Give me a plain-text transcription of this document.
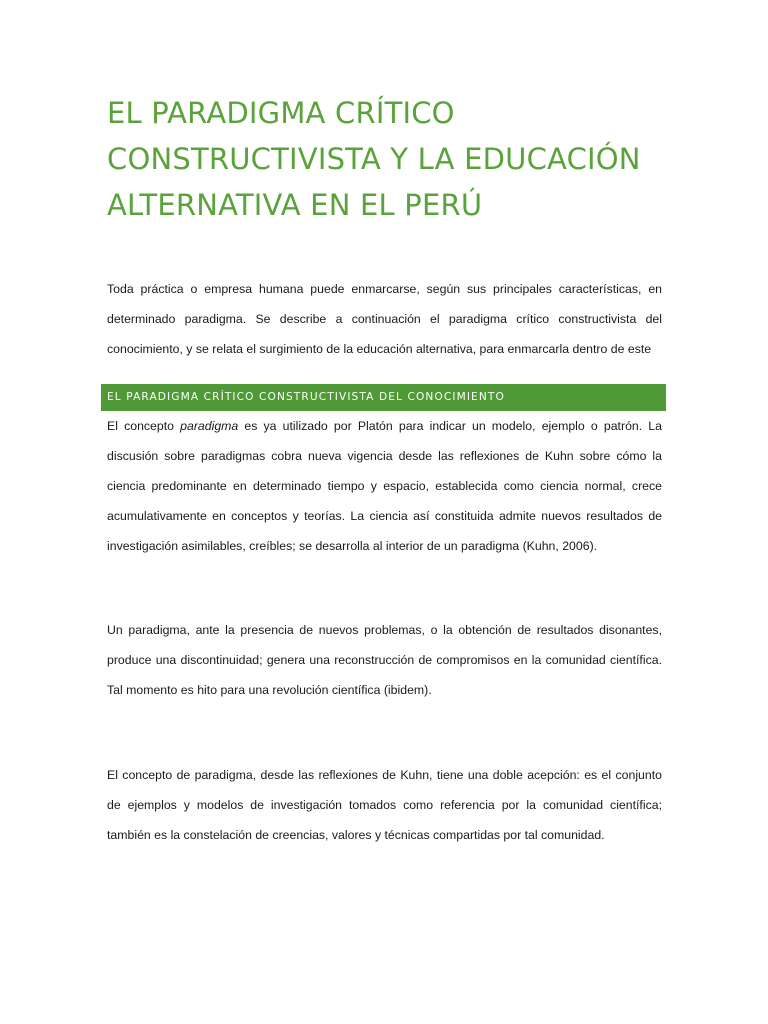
EL PARADIGMA CRÍTICO
CONSTRUCTIVISTA Y LA EDUCACIÓN
ALTERNATIVA EN EL PERÚ

Toda práctica o empresa humana puede enmarcarse, según sus principales características, en
determinado paradigma. Se describe a continuación el paradigma crítico constructivista del
conocimiento, y se relata el surgimiento de la educación alternativa, para enmarcarla dentro de este

EL PARADIGMA CRÍTICO CONSTRUCTIVISTA DEL CONOCIMIENTO

El concepto paradigma es ya utilizado por Platón para indicar un modelo, ejemplo o patrón. La
discusión sobre paradigmas cobra nueva vigencia desde las reflexiones de Kuhn sobre cómo la
ciencia predominante en determinado tiempo y espacio, establecida como ciencia normal, crece
acumulativamente en conceptos y teorías. La ciencia así constituida admite nuevos resultados de
investigación asimilables, creíbles; se desarrolla al interior de un paradigma (Kuhn, 2006).

Un paradigma, ante la presencia de nuevos problemas, o la obtención de resultados disonantes,
produce una discontinuidad; genera una reconstrucción de compromisos en la comunidad científica.
Tal momento es hito para una revolución científica (ibidem).

El concepto de paradigma, desde las reflexiones de Kuhn, tiene una doble acepción: es el conjunto
de ejemplos y modelos de investigación tomados como referencia por la comunidad científica;
también es la constelación de creencias, valores y técnicas compartidas por tal comunidad.
